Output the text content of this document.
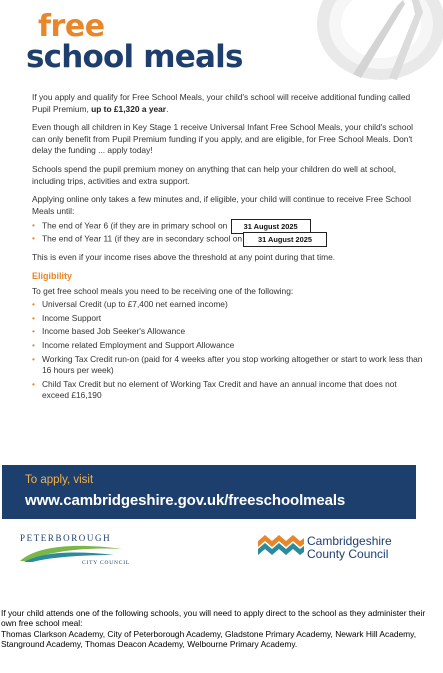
free
school meals

If you apply and qualify for Free School Meals, your child's school will receive additional funding called Pupil Premium, up to £1,320 a year.

Even though all children in Key Stage 1 receive Universal Infant Free School Meals, your child's school can only benefit from Pupil Premium funding if you apply, and are eligible, for Free School Meals. Don't delay the funding ... apply today!

Schools spend the pupil premium money on anything that can help your children do well at school, including trips, activities and extra support.

Applying online only takes a few minutes and, if eligible, your child will continue to receive Free School Meals until:

• The end of Year 6 (if they are in primary school on 31 August 2025
• The end of Year 11 (if they are in secondary school on 31 August 2025

This is even if your income rises above the threshold at any point during that time.

Eligibility

To get free school meals you need to be receiving one of the following:

• Universal Credit (up to £7,400 net earned income)
• Income Support
• Income based Job Seeker's Allowance
• Income related Employment and Support Allowance
• Working Tax Credit run-on (paid for 4 weeks after you stop working altogether or start to work less than 16 hours per week)
• Child Tax Credit but no element of Working Tax Credit and have an annual income that does not exceed £16,190
To apply, visit
www.cambridgeshire.gov.uk/freeschoolmeals
PETERBOROUGH
CITY COUNCIL
Cambridgeshire
County Council
If your child attends one of the following schools, you will need to apply direct to the school as they administer their own free school meal:
Thomas Clarkson Academy, City of Peterborough Academy, Gladstone Primary Academy, Newark Hill Academy, Stanground Academy, Thomas Deacon Academy, Welbourne Primary Academy.
